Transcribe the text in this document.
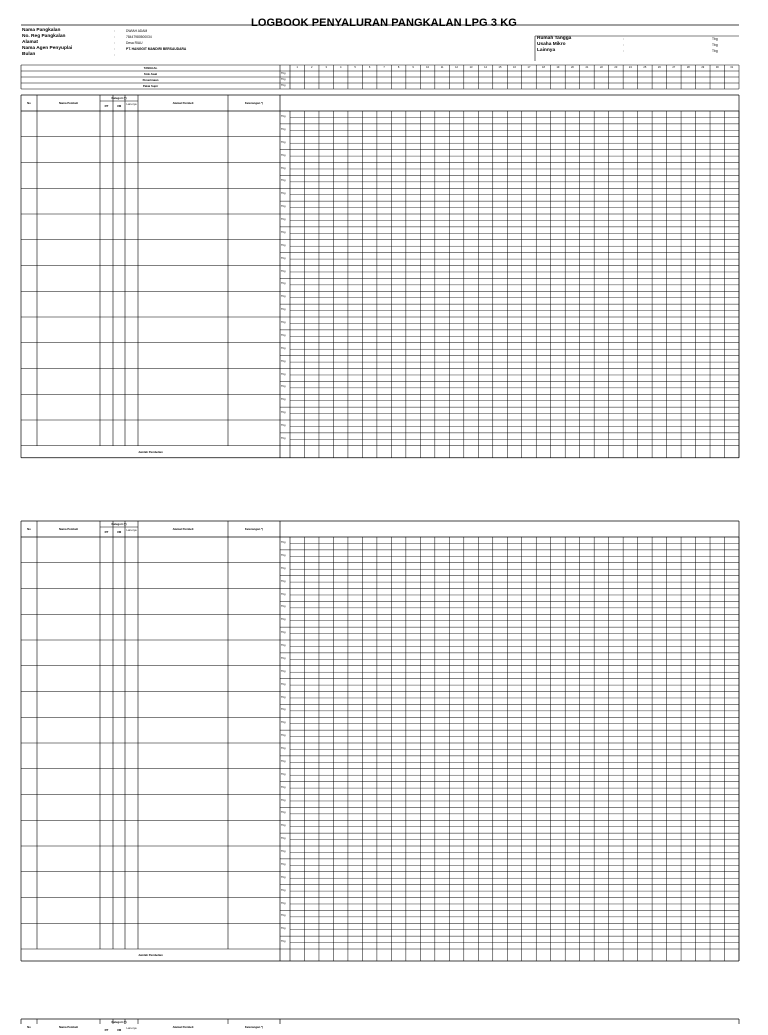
LOGBOOK PENYALURAN PANGKALAN LPG 3 KG
Nama Pangkalan	:	DWIAH ADAM
No. Reg Pangkalan	:	78447980500034
Alamat	:	Desa RIAU
Nama Agen Penyuplai	:	PT. HANGGIT MANDIRI BERSAUDARA
Bulan	:
Rumah Tangga	:	Tbg
Usaha Mikro	:	Tbg
Lainnya	:	Tbg
TANGGAL
Stok Awal	Tbg
Penerimaan	Tbg
Pakai Supir	Tbg
1	2	3	4	5	6	7	8	9	10	11	12	13	14	15	16	17	18	19	20	21	22	23	24	25	26	27	28	29	30	31
No	Nama Pembeli
Kategori (*)
RT	UM	Lain-nya	Alamat Pembeli	Keterangan *)
Tbg
Tbg
Tbg
Tbg
Tbg
Tbg
Tbg
Tbg
Tbg
Tbg
Tbg
Tbg
Tbg
Tbg
Tbg
Tbg
Tbg
Tbg
Tbg
Tbg
Tbg
Tbg
Tbg
Tbg
Tbg
Tbg
Jumlah Pembelian
No	Nama Pembeli
Kategori (*)
RT	UM	Lain-nya	Alamat Pembeli	Keterangan *)
Tbg
Tbg
Tbg
Tbg
Tbg
Tbg
Tbg
Tbg
Tbg
Tbg
Tbg
Tbg
Tbg
Tbg
Tbg
Tbg
Tbg
Tbg
Tbg
Tbg
Tbg
Tbg
Tbg
Tbg
Tbg
Tbg
Tbg
Tbg
Tbg
Tbg
Tbg
Tbg
Jumlah Pembelian
No	Nama Pembeli
Kategori (*)
RT	UM	Lain-nya	Alamat Pembeli	Keterangan *)
